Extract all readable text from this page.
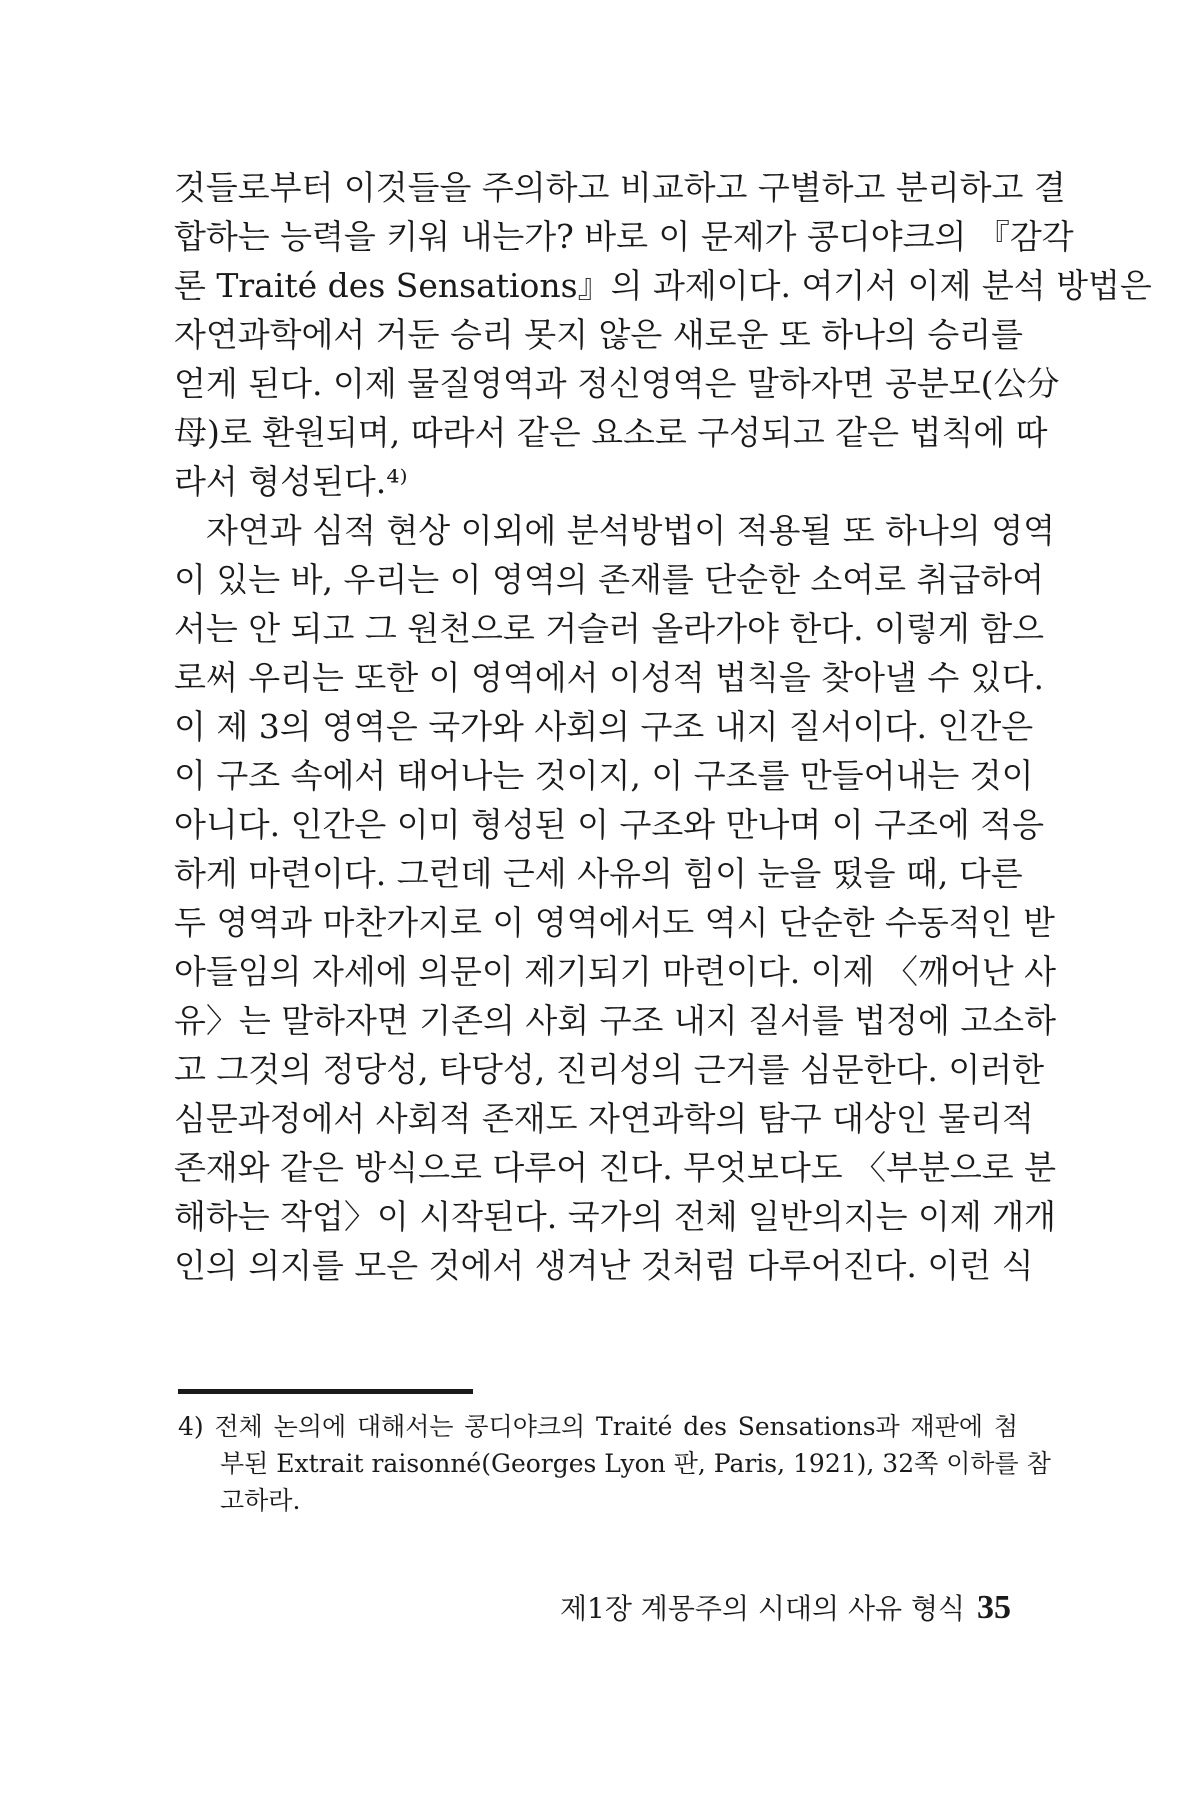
것들로부터 이것들을 주의하고 비교하고 구별하고 분리하고 결
합하는 능력을 키워 내는가? 바로 이 문제가 콩디야크의 『감각
론 Traité des Sensations』의 과제이다. 여기서 이제 분석 방법은
자연과학에서 거둔 승리 못지 않은 새로운 또 하나의 승리를
얻게 된다. 이제 물질영역과 정신영역은 말하자면 공분모(公分
母)로 환원되며, 따라서 같은 요소로 구성되고 같은 법칙에 따
라서 형성된다.⁴⁾
자연과 심적 현상 이외에 분석방법이 적용될 또 하나의 영역
이 있는 바, 우리는 이 영역의 존재를 단순한 소여로 취급하여
서는 안 되고 그 원천으로 거슬러 올라가야 한다. 이렇게 함으
로써 우리는 또한 이 영역에서 이성적 법칙을 찾아낼 수 있다.
이 제 3의 영역은 국가와 사회의 구조 내지 질서이다. 인간은
이 구조 속에서 태어나는 것이지, 이 구조를 만들어내는 것이
아니다. 인간은 이미 형성된 이 구조와 만나며 이 구조에 적응
하게 마련이다. 그런데 근세 사유의 힘이 눈을 떴을 때, 다른
두 영역과 마찬가지로 이 영역에서도 역시 단순한 수동적인 받
아들임의 자세에 의문이 제기되기 마련이다. 이제 〈깨어난 사
유〉는 말하자면 기존의 사회 구조 내지 질서를 법정에 고소하
고 그것의 정당성, 타당성, 진리성의 근거를 심문한다. 이러한
심문과정에서 사회적 존재도 자연과학의 탐구 대상인 물리적
존재와 같은 방식으로 다루어 진다. 무엇보다도 〈부분으로 분
해하는 작업〉이 시작된다. 국가의 전체 일반의지는 이제 개개
인의 의지를 모은 것에서 생겨난 것처럼 다루어진다. 이런 식
4) 전체 논의에 대해서는 콩디야크의 Traité des Sensations과 재판에 첨
부된 Extrait raisonné(Georges Lyon 판, Paris, 1921), 32쪽 이하를 참
고하라.
제1장 계몽주의 시대의 사유 형식 35
